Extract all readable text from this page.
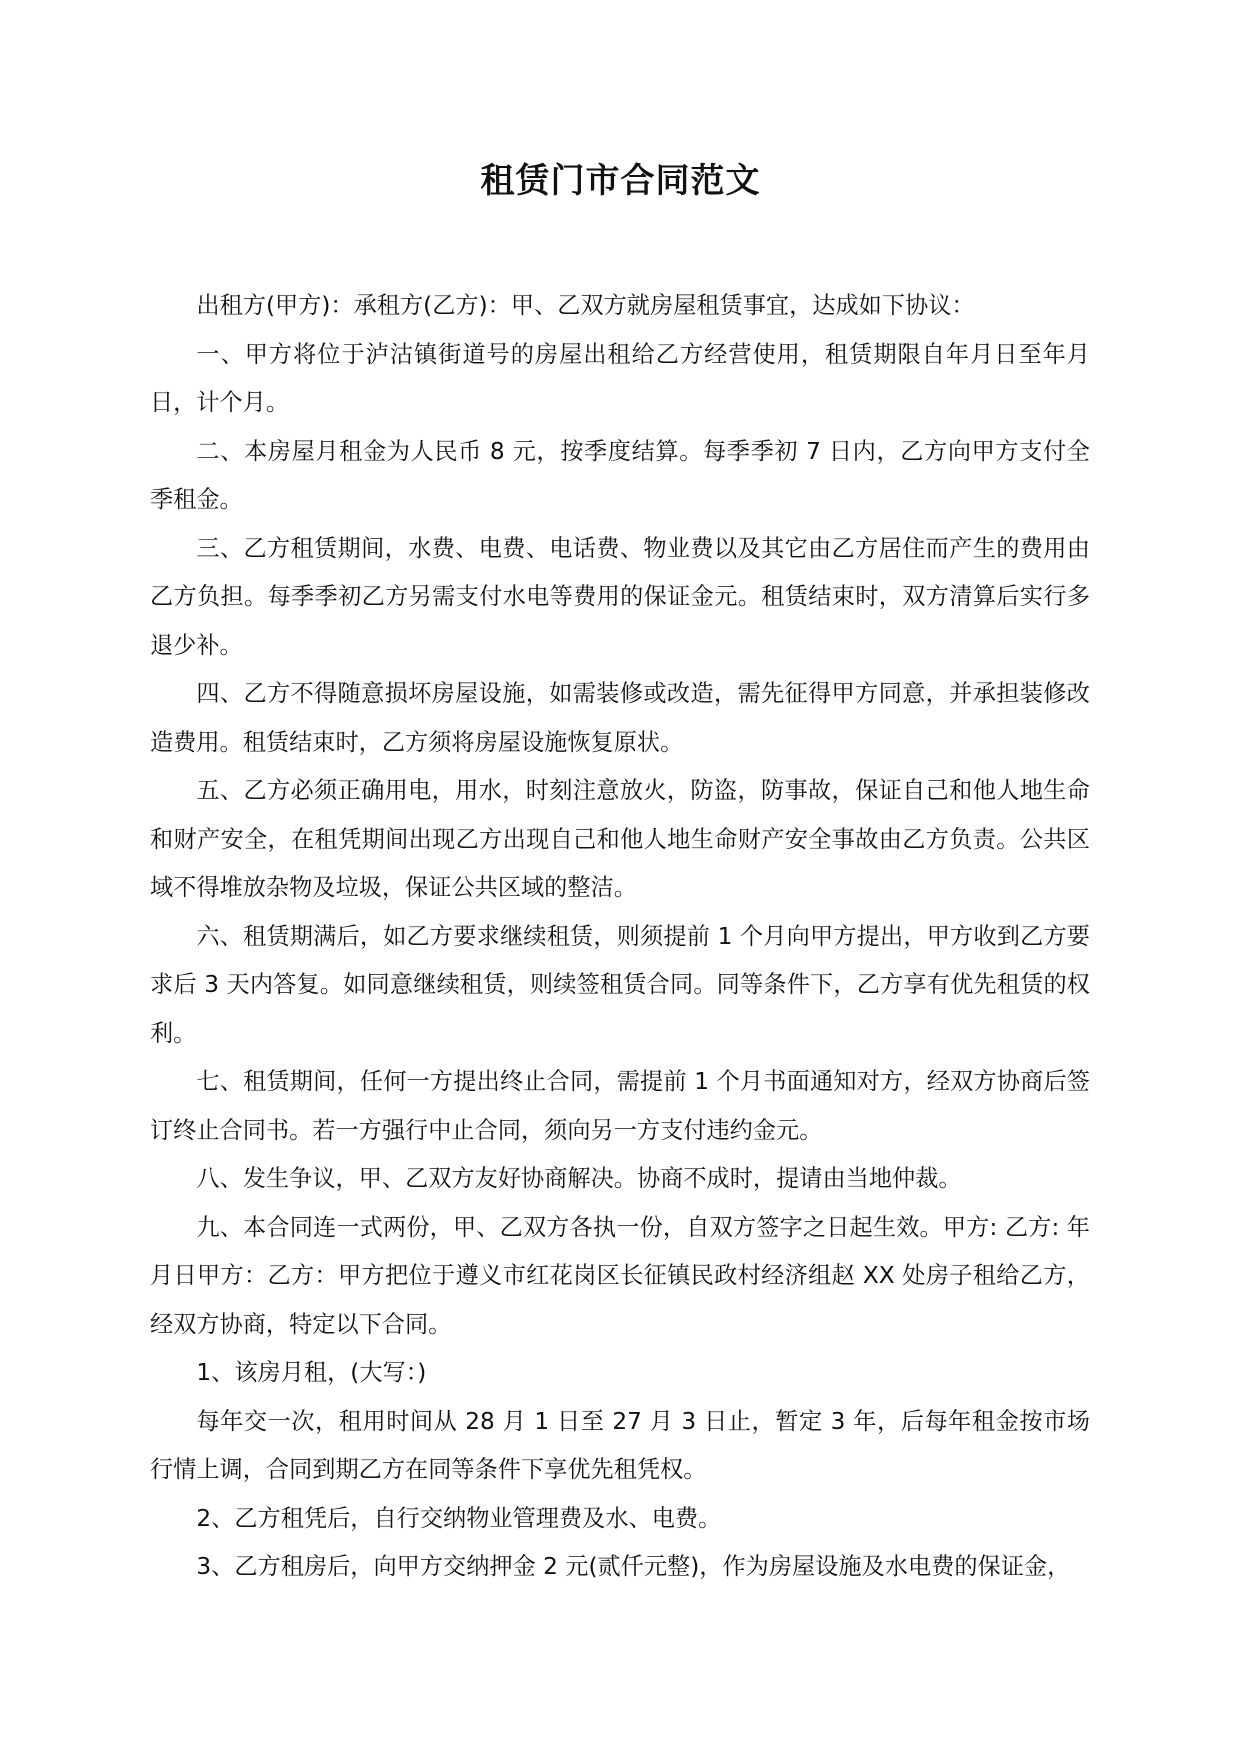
租赁门市合同范文

出租方(甲方)：承租方(乙方)：甲、乙双方就房屋租赁事宜，达成如下协议：

一、甲方将位于泸沽镇街道号的房屋出租给乙方经营使用，租赁期限自年月日至年月日，计个月。

二、本房屋月租金为人民币 8 元，按季度结算。每季季初 7 日内，乙方向甲方支付全季租金。

三、乙方租赁期间，水费、电费、电话费、物业费以及其它由乙方居住而产生的费用由乙方负担。每季季初乙方另需支付水电等费用的保证金元。租赁结束时，双方清算后实行多退少补。

四、乙方不得随意损坏房屋设施，如需装修或改造，需先征得甲方同意，并承担装修改造费用。租赁结束时，乙方须将房屋设施恢复原状。

五、乙方必须正确用电，用水，时刻注意放火，防盗，防事故，保证自己和他人地生命和财产安全，在租凭期间出现乙方出现自己和他人地生命财产安全事故由乙方负责。公共区域不得堆放杂物及垃圾，保证公共区域的整洁。

六、租赁期满后，如乙方要求继续租赁，则须提前 1 个月向甲方提出，甲方收到乙方要求后 3 天内答复。如同意继续租赁，则续签租赁合同。同等条件下，乙方享有优先租赁的权利。

七、租赁期间，任何一方提出终止合同，需提前 1 个月书面通知对方，经双方协商后签订终止合同书。若一方强行中止合同，须向另一方支付违约金元。

八、发生争议，甲、乙双方友好协商解决。协商不成时，提请由当地仲裁。

九、本合同连一式两份，甲、乙双方各执一份，自双方签字之日起生效。甲方: 乙方: 年月日甲方：乙方：甲方把位于遵义市红花岗区长征镇民政村经济组赵 XX 处房子租给乙方，经双方协商，特定以下合同。

1、该房月租，(大写：)

每年交一次，租用时间从 28 月 1 日至 27 月 3 日止，暂定 3 年，后每年租金按市场行情上调，合同到期乙方在同等条件下享优先租凭权。

2、乙方租凭后，自行交纳物业管理费及水、电费。

3、乙方租房后，向甲方交纳押金 2 元(贰仟元整)，作为房屋设施及水电费的保证金，
